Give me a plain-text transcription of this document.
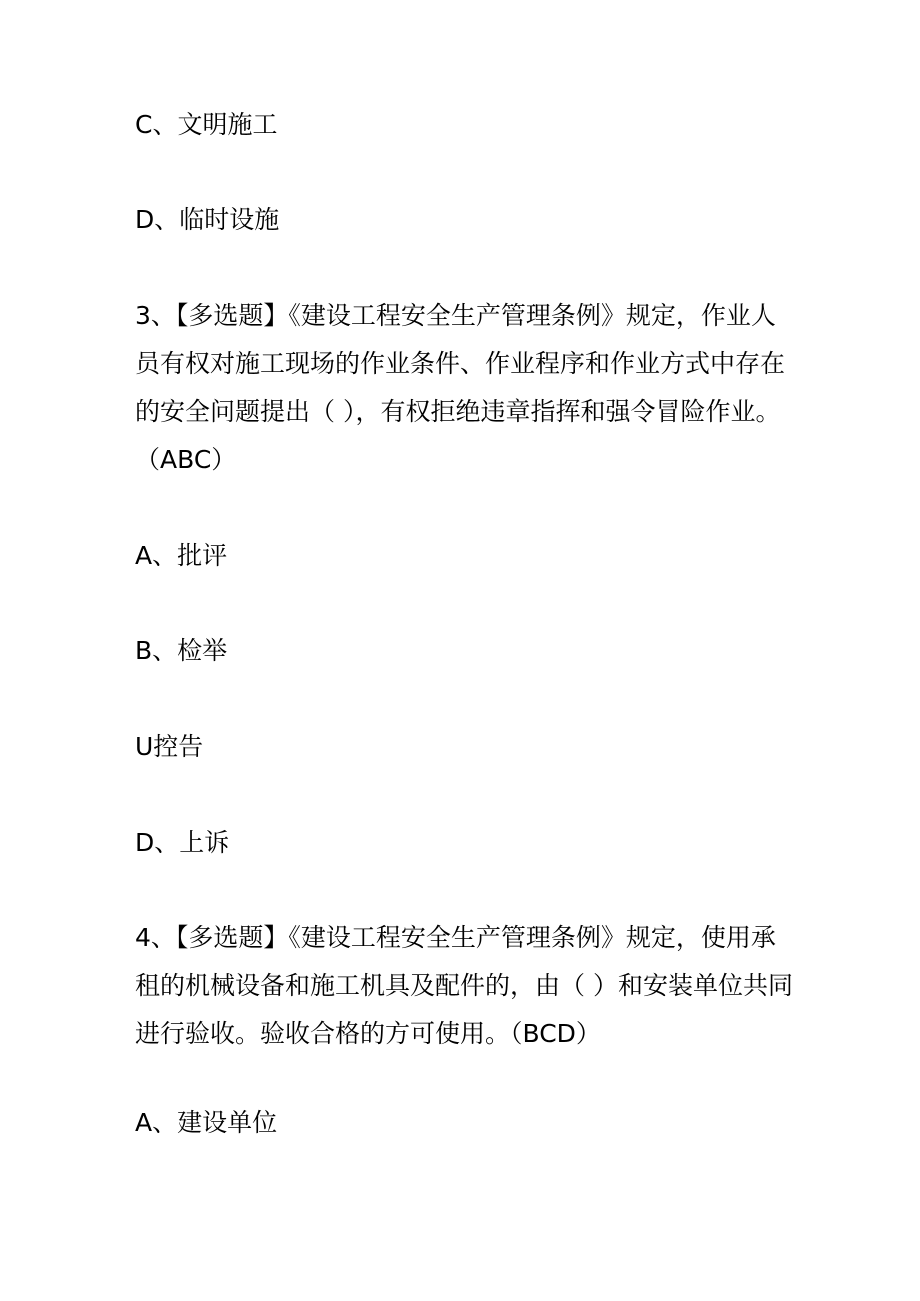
C、文明施工
D、临时设施
3、【多选题】《建设工程安全生产管理条例》规定，作业人
员有权对施工现场的作业条件、作业程序和作业方式中存在
的安全问题提出（ ），有权拒绝违章指挥和强令冒险作业。
（ABC）
A、批评
B、检举
U控告
D、上诉
4、【多选题】《建设工程安全生产管理条例》规定，使用承
租的机械设备和施工机具及配件的，由（ ）和安装单位共同
进行验收。验收合格的方可使用。（BCD）
A、建设单位
